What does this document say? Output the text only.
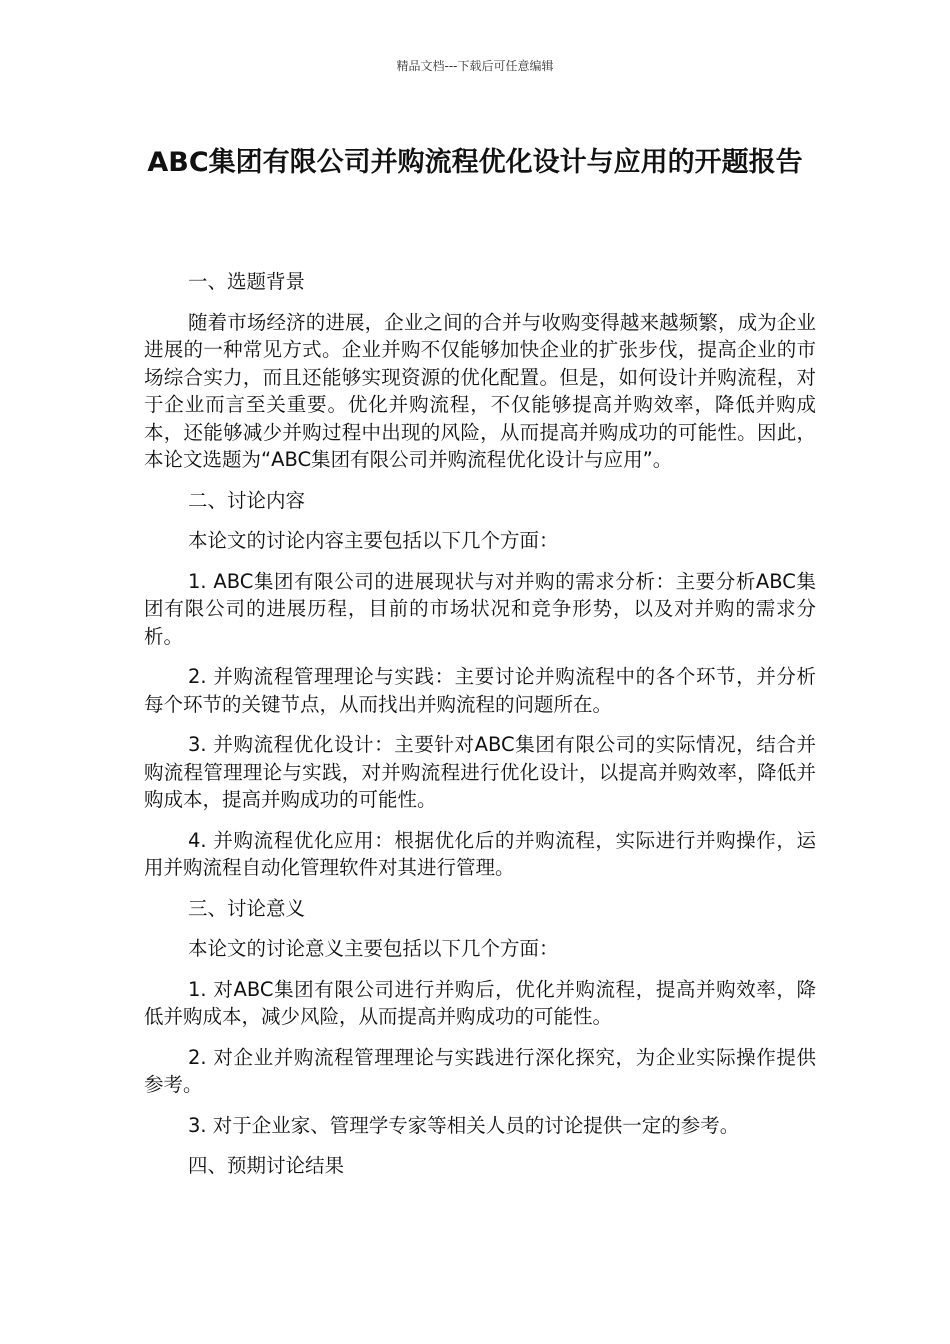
精品文档---下载后可任意编辑
ABC集团有限公司并购流程优化设计与应用的开题报告

一、选题背景

随着市场经济的进展，企业之间的合并与收购变得越来越频繁，成为企业进展的一种常见方式。企业并购不仅能够加快企业的扩张步伐，提高企业的市场综合实力，而且还能够实现资源的优化配置。但是，如何设计并购流程，对于企业而言至关重要。优化并购流程，不仅能够提高并购效率，降低并购成本，还能够减少并购过程中出现的风险，从而提高并购成功的可能性。因此，本论文选题为“ABC集团有限公司并购流程优化设计与应用”。

二、讨论内容

本论文的讨论内容主要包括以下几个方面：

1. ABC集团有限公司的进展现状与对并购的需求分析：主要分析ABC集团有限公司的进展历程，目前的市场状况和竞争形势，以及对并购的需求分析。

2. 并购流程管理理论与实践：主要讨论并购流程中的各个环节，并分析每个环节的关键节点，从而找出并购流程的问题所在。

3. 并购流程优化设计：主要针对ABC集团有限公司的实际情况，结合并购流程管理理论与实践，对并购流程进行优化设计，以提高并购效率，降低并购成本，提高并购成功的可能性。

4. 并购流程优化应用：根据优化后的并购流程，实际进行并购操作，运用并购流程自动化管理软件对其进行管理。

三、讨论意义

本论文的讨论意义主要包括以下几个方面：

1. 对ABC集团有限公司进行并购后，优化并购流程，提高并购效率，降低并购成本，减少风险，从而提高并购成功的可能性。

2. 对企业并购流程管理理论与实践进行深化探究，为企业实际操作提供参考。

3. 对于企业家、管理学专家等相关人员的讨论提供一定的参考。

四、预期讨论结果
